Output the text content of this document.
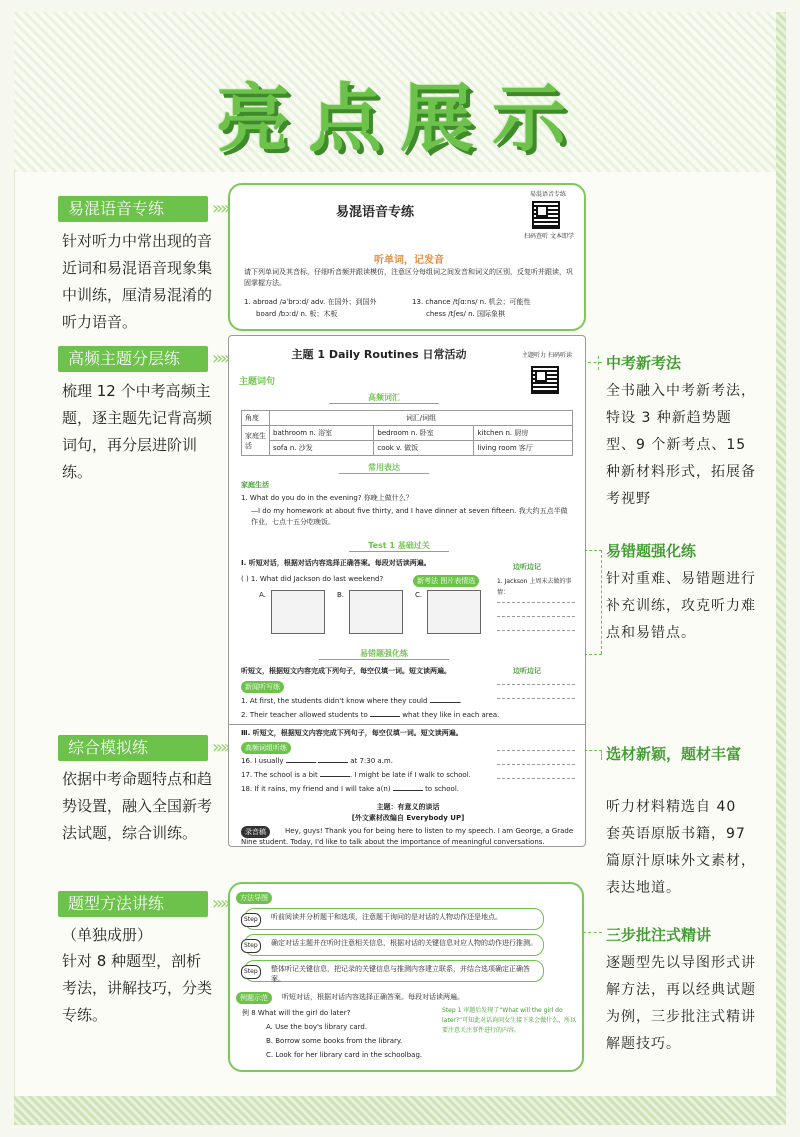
亮点展示
易混语音专练 »»
针对听力中常出现的音近词和易混语音现象集中训练，厘清易混淆的听力语音。
高频主题分层练 »»
梳理 12 个中考高频主题，逐主题先记背高频词句，再分层进阶训练。
综合模拟练 »»
依据中考命题特点和趋势设置，融入全国新考法试题，综合训练。
题型方法讲练 »»
（单独成册）
针对 8 种题型，剖析考法，讲解技巧，分类专练。
中考新考法
全书融入中考新考法，特设 3 种新趋势题型、9 个新考点、15 种新材料形式，拓展备考视野
易错题强化练
针对重难、易错题进行补充训练，攻克听力难点和易错点。
选材新颖，题材丰富
听力材料精选自 40 套英语原版书籍，97 篇原汁原味外文素材，表达地道。
三步批注式精讲
逐题型先以导图形式讲解方法，再以经典试题为例，三步批注式精讲解题技巧。
易混语音专练
易混语音专练
扫码查听 文本即学
听单词，记发音
请下列单词及其音标，仔细听音频并跟读模仿，注意区分每组词之间发音和词义的区别，反复听并跟读，巩固掌握方法。
1. abroad /əˈbrɔːd/ adv. 在国外；到国外
board /bɔːd/ n. 板；木板
13. chance /tʃɑːns/ n. 机会；可能性
chess /tʃes/ n. 国际象棋
主题 1 Daily Routines 日常活动	主题听力 扫码听读
主题词句
高频词汇
角度	词汇/词组		
家庭生活	bathroom n. 浴室	bedroom n. 卧室	kitchen n. 厨房
	sofa n. 沙发	cook v. 做饭	living room 客厅
常用表达
家庭生活
1. What do you do in the evening? 你晚上做什么？
—I do my homework at about five thirty, and I have dinner at seven fifteen. 我大约五点半做作业，七点十五分吃晚饭。
Test 1 基础过关
Ⅰ. 听短对话，根据对话内容选择正确答案。每段对话读两遍。
( ) 1. What did Jackson do last weekend?	新考法 图片表情选
边听边记
1. Jackson 上周末去做的事情：
A.	B.	C.
易错题强化练
听短文，根据短文内容完成下列句子，每空仅填一词。短文读两遍。
新闻听写练
边听边记
1. At first, the students didn't know where they could	.
2. Their teacher allowed students to	what they like in each area.
Ⅲ. 听短文，根据短文内容完成下列句子，每空仅填一词。短文读两遍。
高频词组听练
16. I usually	at 7:30 a.m.
17. The school is a bit	. I might be late if I walk to school.
18. If it rains, my friend and I will take a(n)	to school.
主题：有意义的谈话
[外文素材改编自 Everybody UP]
录音稿	Hey, guys! Thank you for being here to listen to my speech. I am George, a Grade Nine student. Today, I'd like to talk about the importance of meaningful conversations.
方法导图
Step	听前阅读并分析题干和选项，注意题干询问的是对话的人物动作还是地点。
Step	确定对话主题并在听时注意相关信息，根据对话的关键信息对应人物的动作进行推测。
Step	整体听记关键信息，把记录的关键信息与推测内容建立联系，并结合选项确定正确答案。
例题示范	听短对话，根据对话内容选择正确答案。每段对话读两遍。
例 8 What will the girl do later?
A. Use the boy's library card.
B. Borrow some books from the library.
C. Look for her library card in the schoolbag.
Step 1 审题后发现了“What will the girl do later?”可知此对话询问女生接下来会做什么，所以要注意关注事件进行的内容。
